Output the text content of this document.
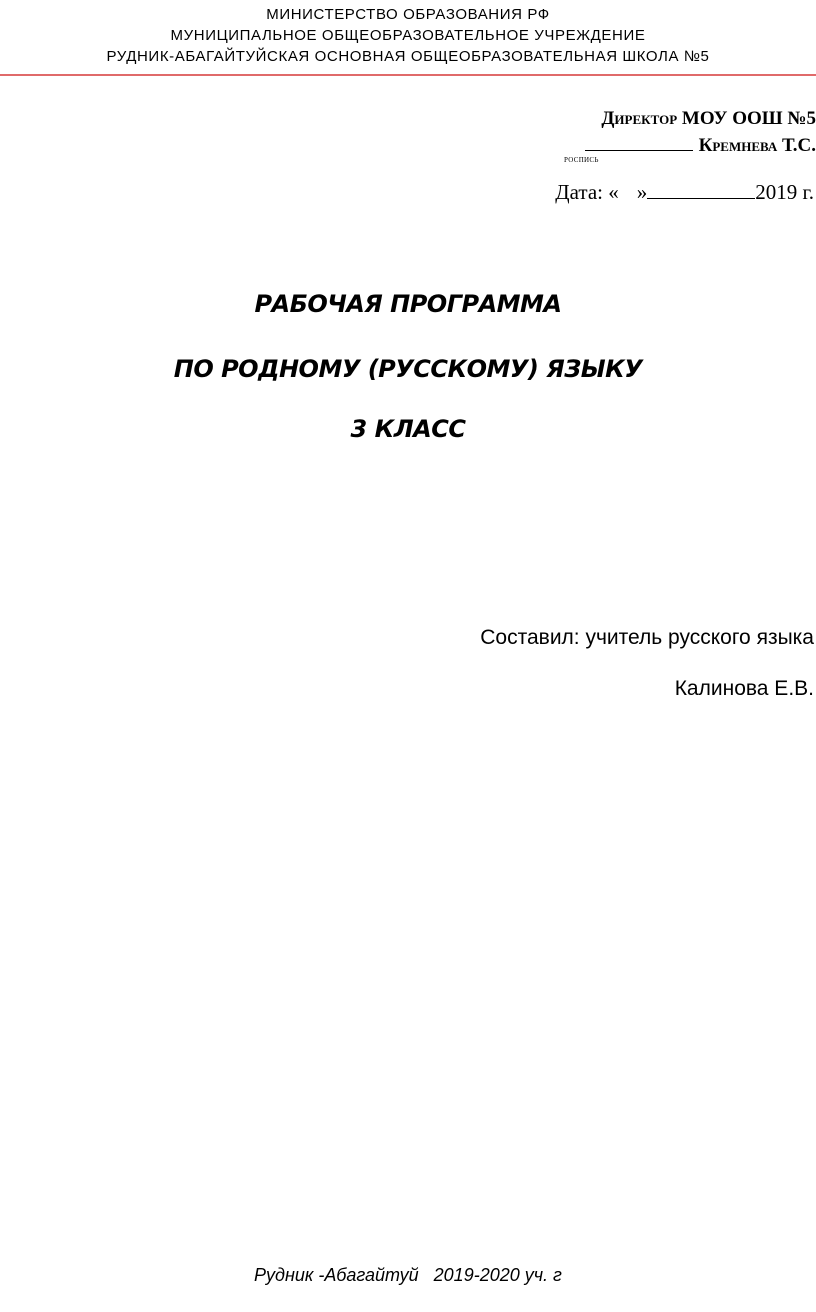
МИНИСТЕРСТВО ОБРАЗОВАНИЯ РФ
МУНИЦИПАЛЬНОЕ ОБЩЕОБРАЗОВАТЕЛЬНОЕ УЧРЕЖДЕНИЕ
РУДНИК-АБАГАЙТУЙСКАЯ ОСНОВНАЯ ОБЩЕОБРАЗОВАТЕЛЬНАЯ ШКОЛА №5
Директор МОУ ООШ №5
Кремнева Т.С.
роспись
Дата: « »	2019 г.
РАБОЧАЯ ПРОГРАММА
ПО РОДНОМУ (РУССКОМУ) ЯЗЫКУ
3 КЛАСС
Составил: учитель русского языка
Калинова Е.В.
Рудник -Абагайтуй   2019-2020 уч. г
